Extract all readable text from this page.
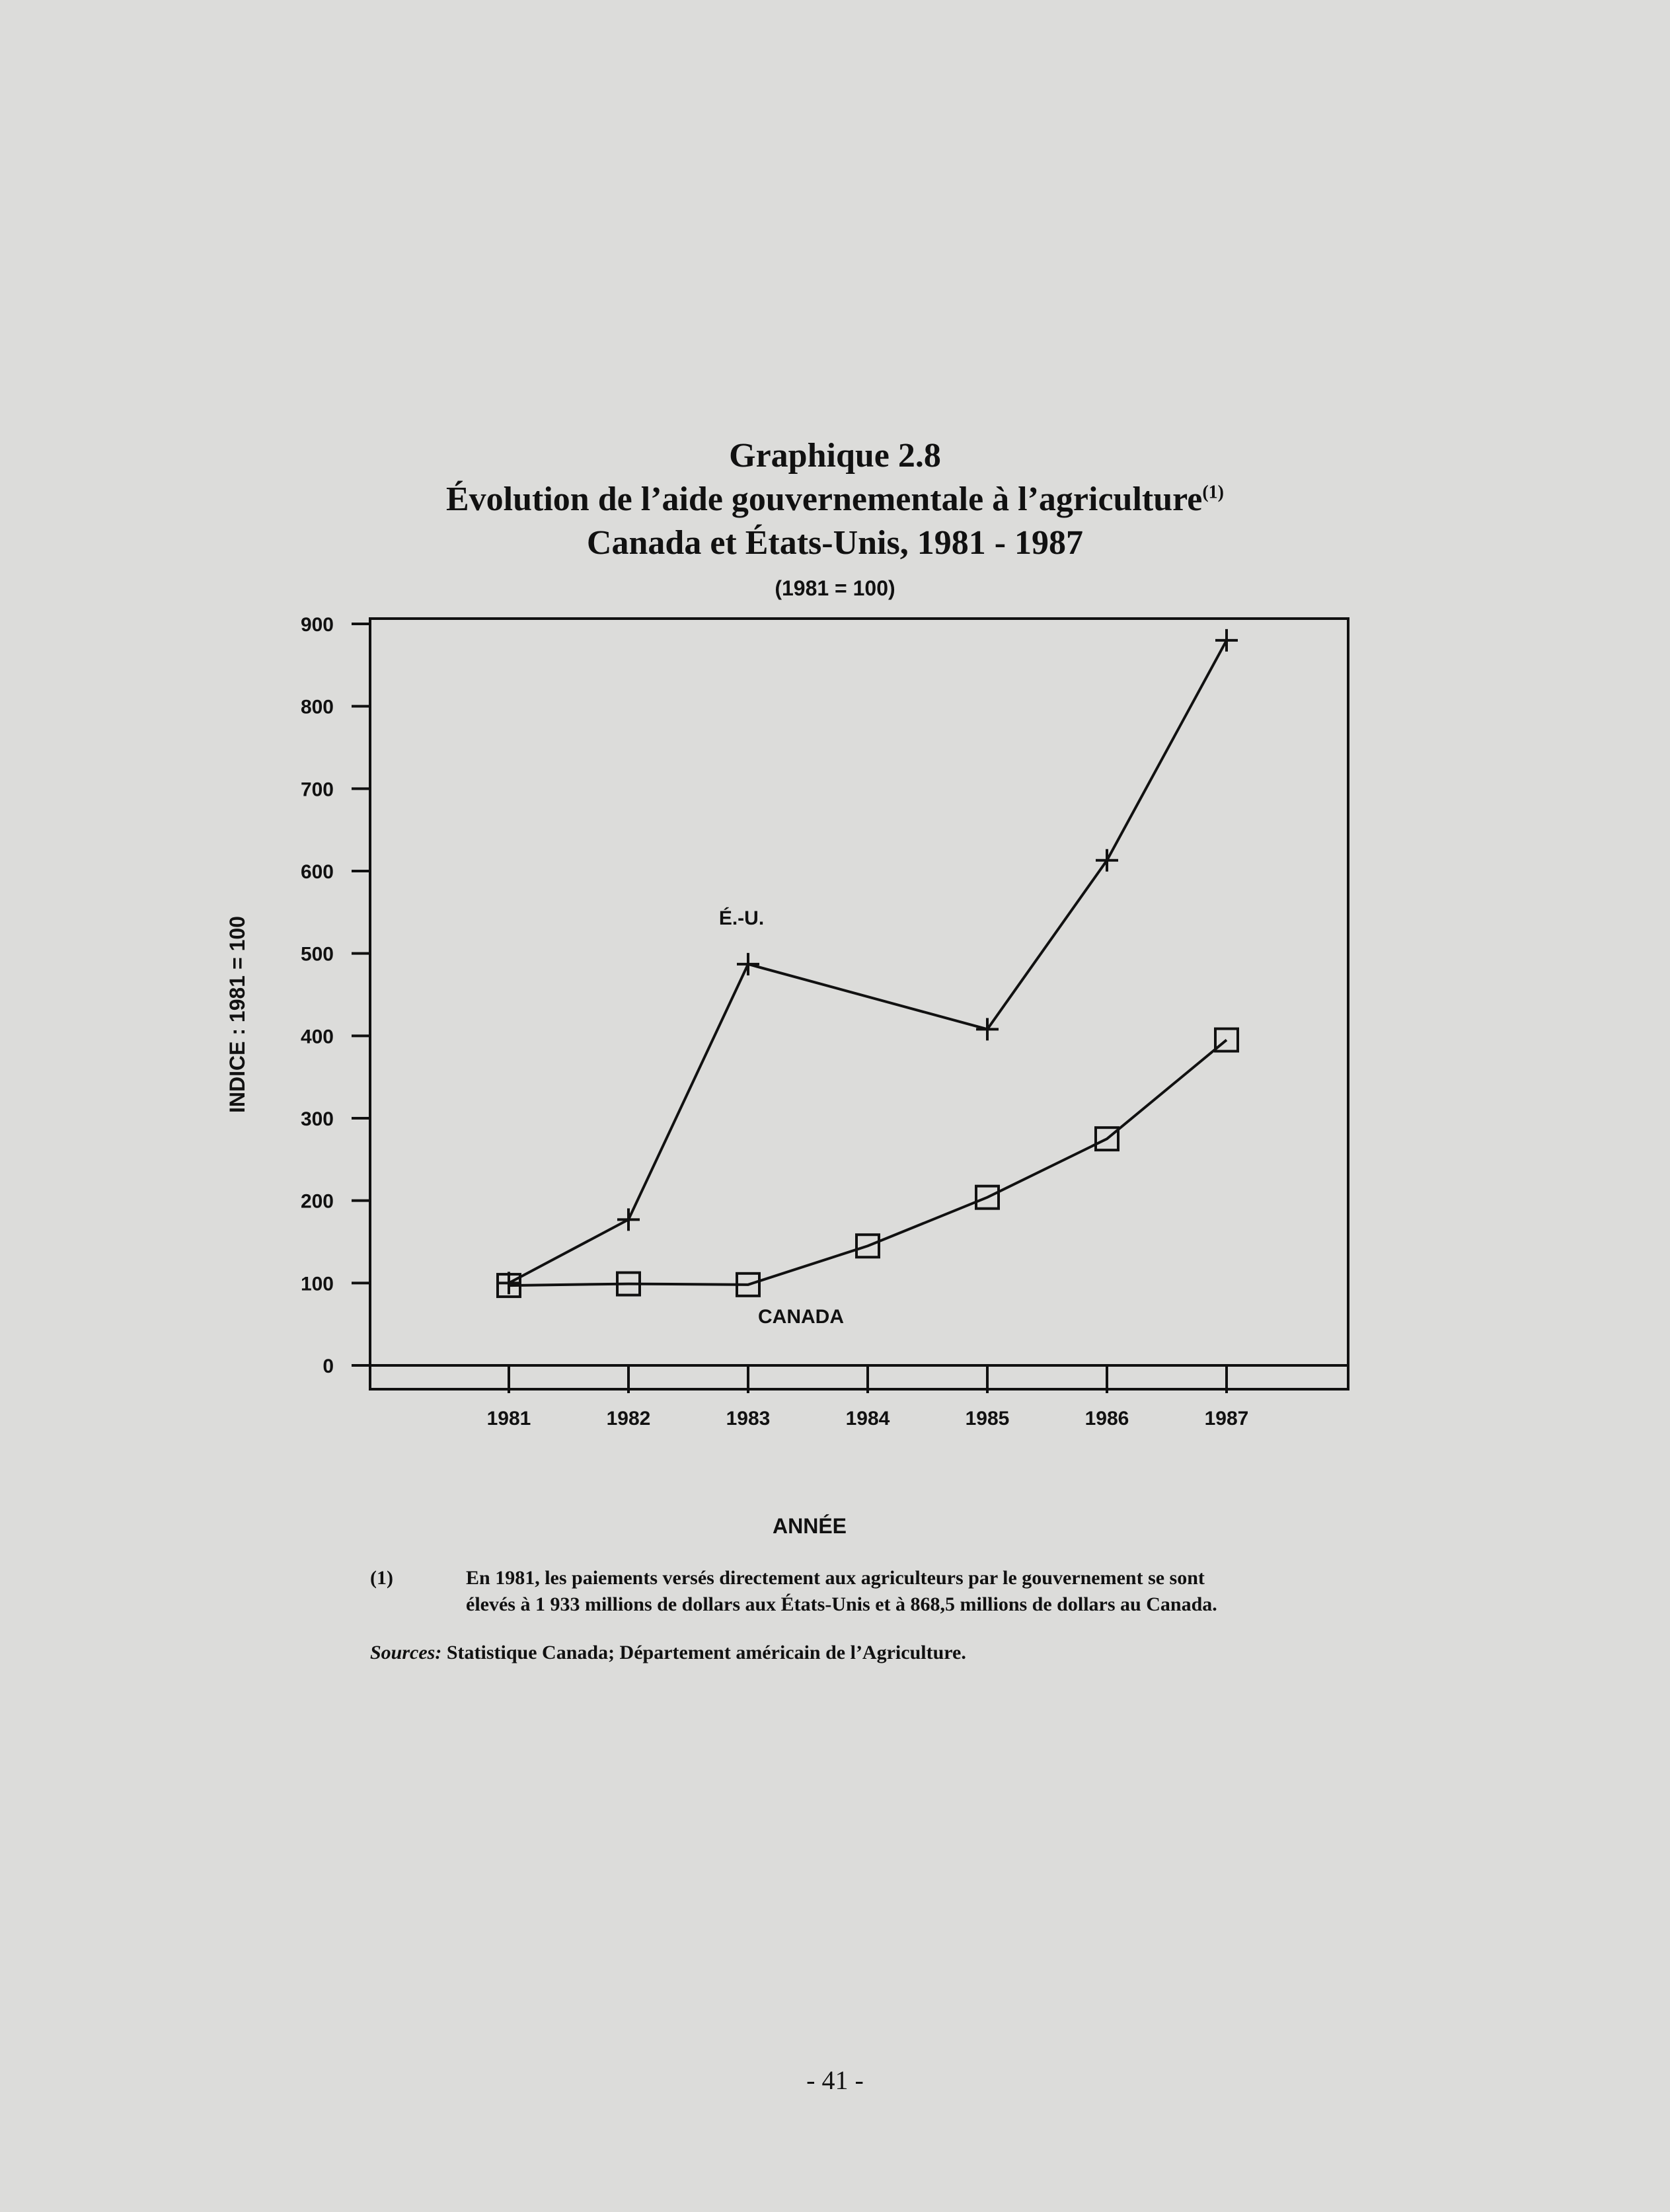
Graphique 2.8
Évolution de l’aide gouvernementale à l’agriculture$^{(1)}$
Canada et États-Unis, 1981 - 1987
(1981 = 100)
0
100
200
300
400
500
600
700
800
900
1981	1982	1983	1984	1985	1986	1987
É.-U.
CANADA
INDICE : 1981 = 100
ANNÉE
(1)	En 1981, les paiements versés directement aux agriculteurs par le gouvernement se sont
élevés à 1 933 millions de dollars aux États-Unis et à 868,5 millions de dollars au Canada.
Sources: Statistique Canada; Département américain de l’Agriculture.
- 41 -
